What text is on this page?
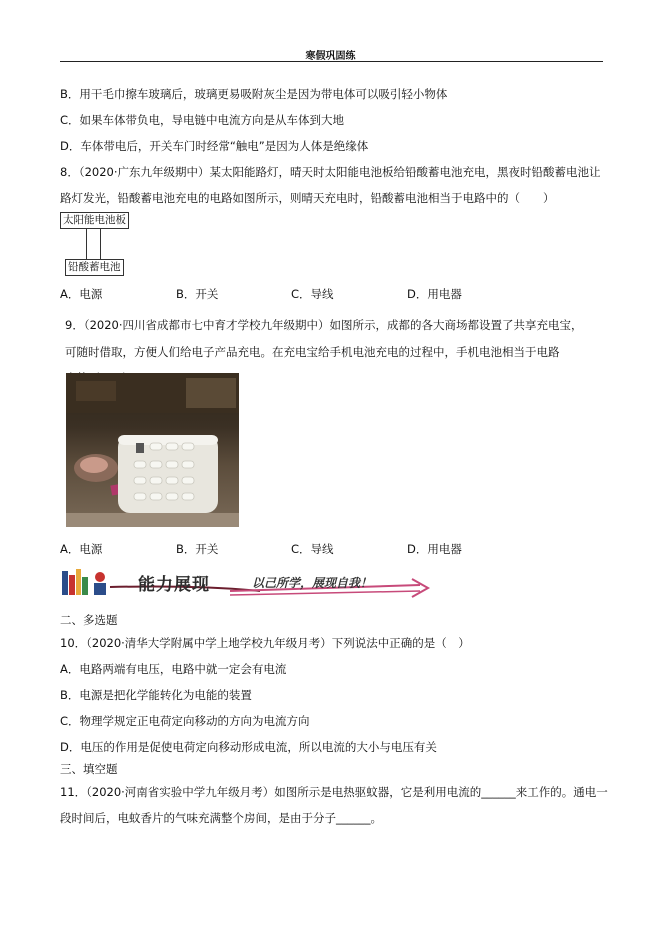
寒假巩固练
B．用干毛巾擦车玻璃后，玻璃更易吸附灰尘是因为带电体可以吸引轻小物体
C．如果车体带负电，导电链中电流方向是从车体到大地
D．车体带电后，开关车门时经常“触电”是因为人体是绝缘体
8．（2020·广东九年级期中）某太阳能路灯，晴天时太阳能电池板给铅酸蓄电池充电，黑夜时铅酸蓄电池让
路灯发光，铅酸蓄电池充电的电路如图所示，则晴天充电时，铅酸蓄电池相当于电路中的（　　）
太阳能电池板
铅酸蓄电池
A．电源	B．开关	C．导线	D．用电器
9．（2020·四川省成都市七中育才学校九年级期中）如图所示，成都的各大商场都设置了共享充电宝，
可随时借取，方便人们给电子产品充电。在充电宝给手机电池充电的过程中，手机电池相当于电路
A．电源	B．开关	C．导线	D．用电器
能力展现	以己所学，展现自我！
二、多选题
10．（2020·清华大学附属中学上地学校九年级月考）下列说法中正确的是（　）
A．电路两端有电压，电路中就一定会有电流
B．电源是把化学能转化为电能的装置
C．物理学规定正电荷定向移动的方向为电流方向
D．电压的作用是促使电荷定向移动形成电流，所以电流的大小与电压有关
三、填空题
11．（2020·河南省实验中学九年级月考）如图所示是电热驱蚊器，它是利用电流的______来工作的。通电一
段时间后，电蚊香片的气味充满整个房间，是由于分子______。
